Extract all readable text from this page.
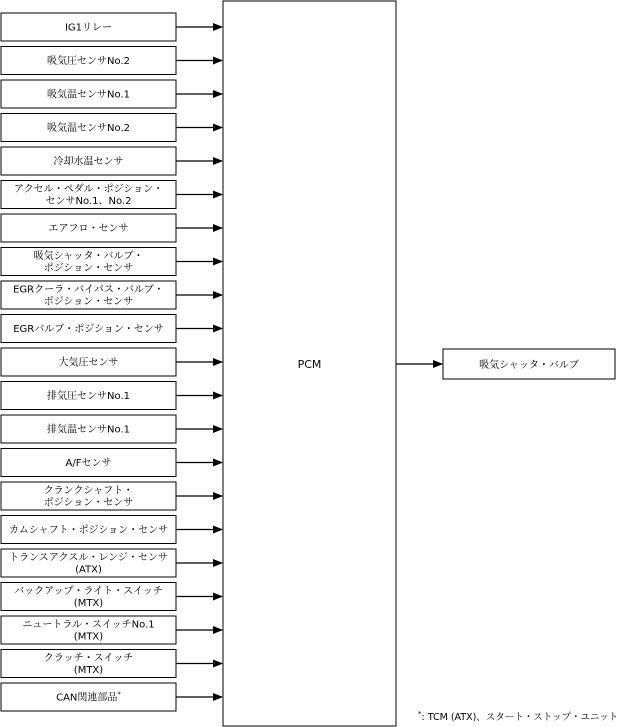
IG1リレー
吸気圧センサNo.2
吸気温センサNo.1
吸気温センサNo.2
冷却水温センサ
アクセル・ペダル・ポジション・
センサNo.1、No.2
エアフロ・センサ
吸気シャッタ・バルブ・
ポジション・センサ
EGRクーラ・バイパス・バルブ・
ポジション・センサ
EGRバルブ・ポジション・センサ
大気圧センサ
排気圧センサNo.1
排気温センサNo.1
A/Fセンサ
クランクシャフト・
ポジション・センサ
カムシャフト・ポジション・センサ
トランスアクスル・レンジ・センサ
(ATX)
バックアップ・ライト・スイッチ
(MTX)
ニュートラル・スイッチNo.1
(MTX)
クラッチ・スイッチ
(MTX)
CAN関連部品*
PCM	吸気シャッタ・バルブ
*: TCM (ATX)、スタート・ストップ・ユニット
